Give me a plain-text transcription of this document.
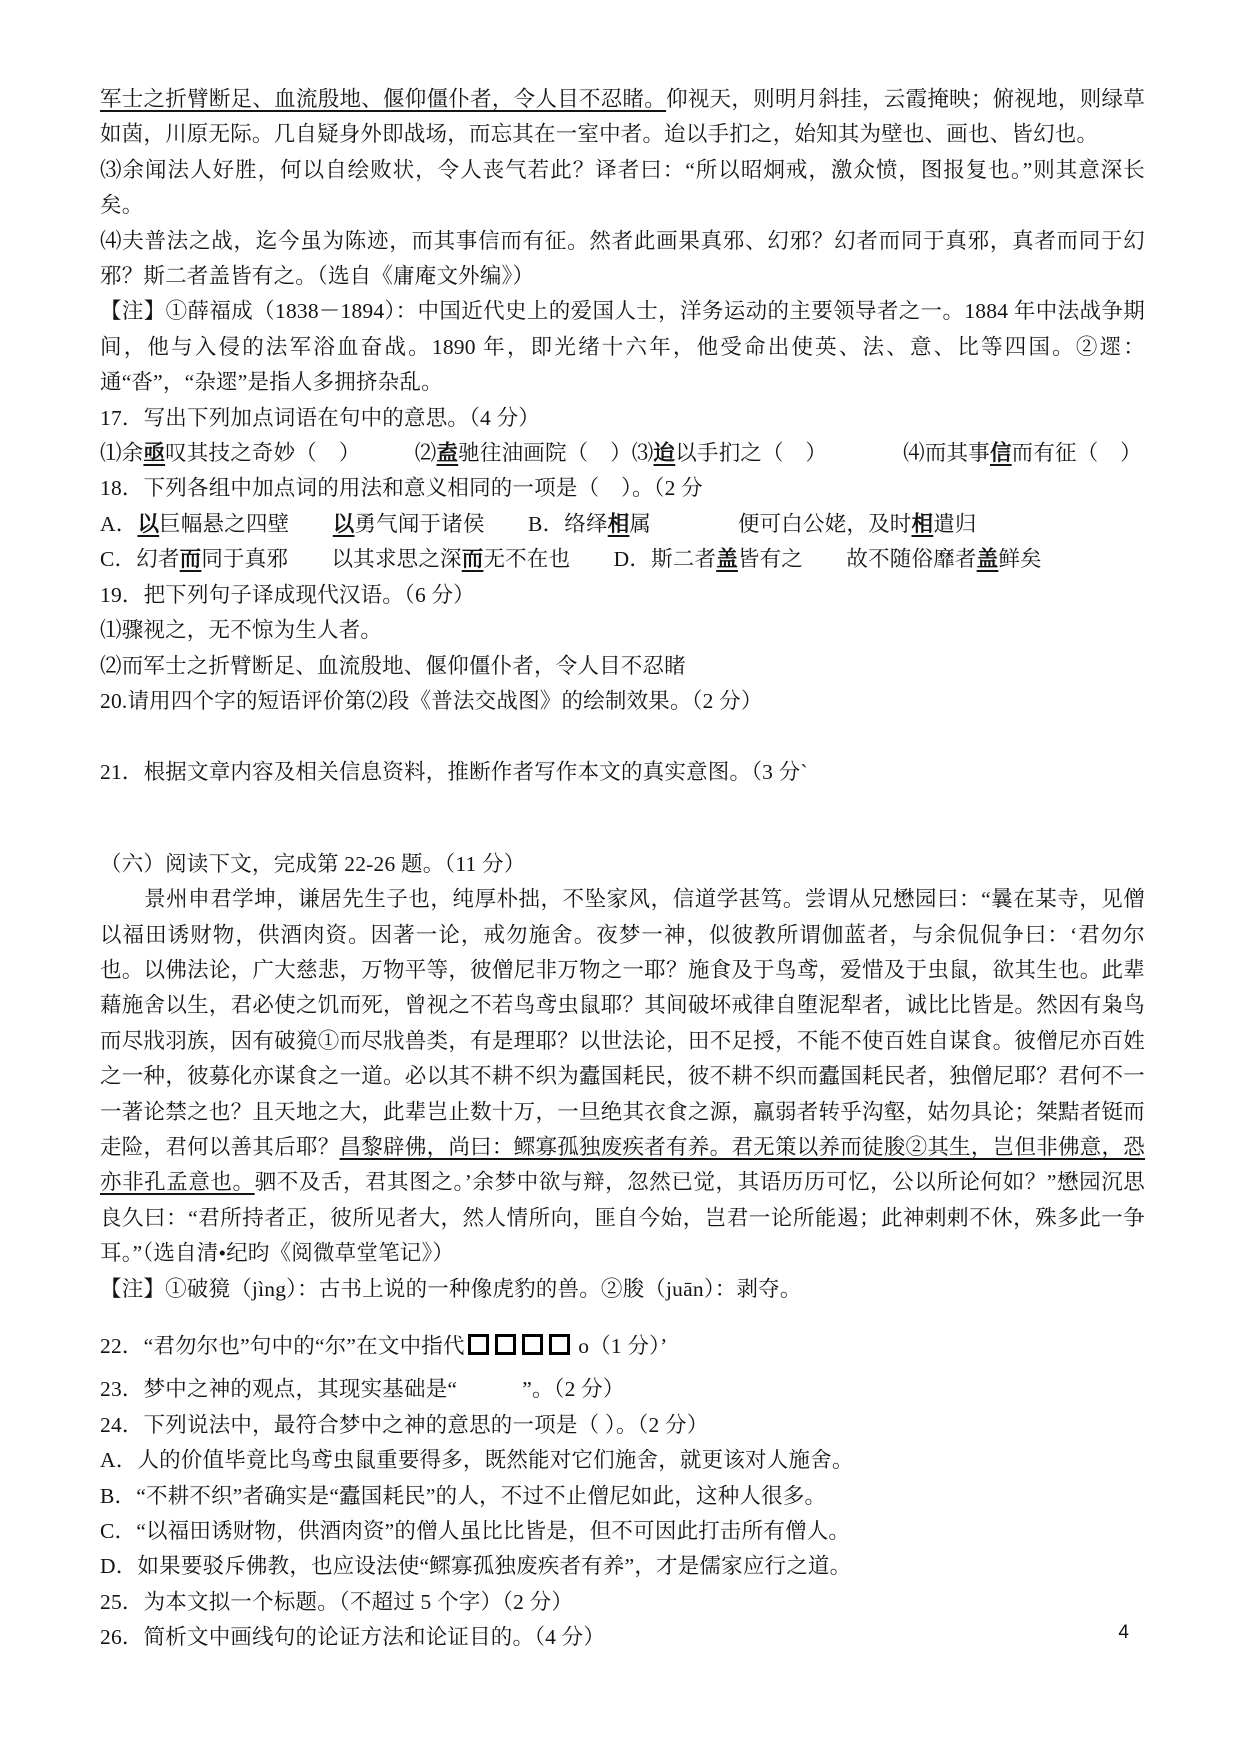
军士之折臂断足、血流殷地、偃仰僵仆者，令人目不忍睹。仰视天，则明月斜挂，云霞掩映；俯视地，则绿草如茵，川原无际。几自疑身外即战场，而忘其在一室中者。迨以手扪之，始知其为壁也、画也、皆幻也。
⑶余闻法人好胜，何以自绘败状，令人丧气若此？译者曰：“所以昭炯戒，激众愤，图报复也。”则其意深长矣。
⑷夫普法之战，迄今虽为陈迹，而其事信而有征。然者此画果真邪、幻邪？幻者而同于真邪，真者而同于幻邪？斯二者盖皆有之。（选自《庸庵文外编》）
【注】①薛福成（1838－1894）：中国近代史上的爱国人士，洋务运动的主要领导者之一。1884 年中法战争期间，他与入侵的法军浴血奋战。1890 年，即光绪十六年，他受命出使英、法、意、比等四国。②遝：通“沓”，“杂遝”是指人多拥挤杂乱。
17．写出下列加点词语在句中的意思。（4 分）
⑴余亟叹其技之奇妙（　）　　　⑵盍驰往油画院（　）⑶迨以手扪之（　）　　　　⑷而其事信而有征（　）
18．下列各组中加点词的用法和意义相同的一项是（　）。（2 分
A．以巨幅悬之四壁　　以勇气闻于诸侯　　B．络绎相属　　　　便可白公姥，及时相遣归
C．幻者而同于真邪　　以其求思之深而无不在也　　D．斯二者盖皆有之　　故不随俗靡者盖鲜矣
19．把下列句子译成现代汉语。（6 分）
⑴骤视之，无不惊为生人者。
⑵而军士之折臂断足、血流殷地、偃仰僵仆者，令人目不忍睹
20.请用四个字的短语评价第⑵段《普法交战图》的绘制效果。（2 分）
21．根据文章内容及相关信息资料，推断作者写作本文的真实意图。（3 分`
（六）阅读下文，完成第 22-26 题。（11 分）
景州申君学坤，谦居先生子也，纯厚朴拙，不坠家风，信道学甚笃。尝谓从兄懋园曰：“曩在某寺，见僧以福田诱财物，供酒肉资。因著一论，戒勿施舍。夜梦一神，似彼教所谓伽蓝者，与余侃侃争曰：‘君勿尔也。以佛法论，广大慈悲，万物平等，彼僧尼非万物之一耶？施食及于鸟鸢，爱惜及于虫鼠，欲其生也。此辈藉施舍以生，君必使之饥而死，曾视之不若鸟鸢虫鼠耶？其间破坏戒律自堕泥犁者，诚比比皆是。然因有枭鸟而尽戕羽族，因有破獍①而尽戕兽类，有是理耶？以世法论，田不足授，不能不使百姓自谋食。彼僧尼亦百姓之一种，彼募化亦谋食之一道。必以其不耕不织为蠹国耗民，彼不耕不织而蠹国耗民者，独僧尼耶？君何不一一著论禁之也？且天地之大，此辈岂止数十万，一旦绝其衣食之源，羸弱者转乎沟壑，姑勿具论；桀黠者铤而走险，君何以善其后耶？昌黎辟佛，尚曰：鳏寡孤独废疾者有养。君无策以养而徒朘②其生，岂但非佛意，恐亦非孔孟意也。驷不及舌，君其图之。’余梦中欲与辩，忽然已觉，其语历历可忆，公以所论何如？”懋园沉思良久曰：“君所持者正，彼所见者大，然人情所向，匪自今始，岂君一论所能遏；此神剌剌不休，殊多此一争耳。”（选自清•纪昀《阅微草堂笔记》）
【注】①破獍（jìng）：古书上说的一种像虎豹的兽。②朘（juān）：剥夺。
22．“君勿尔也”句中的“尔”在文中指代	o（1 分）’
23．梦中之神的观点，其现实基础是“　　　”。（2 分）
24．下列说法中，最符合梦中之神的意思的一项是（ ）。（2 分）
A．人的价值毕竟比鸟鸢虫鼠重要得多，既然能对它们施舍，就更该对人施舍。
B．“不耕不织”者确实是“蠹国耗民”的人，不过不止僧尼如此，这种人很多。
C．“以福田诱财物，供酒肉资”的僧人虽比比皆是，但不可因此打击所有僧人。
D．如果要驳斥佛教，也应设法使“鳏寡孤独废疾者有养”，才是儒家应行之道。
25．为本文拟一个标题。（不超过 5 个字）（2 分）
26．简析文中画线句的论证方法和论证目的。（4 分）	4
